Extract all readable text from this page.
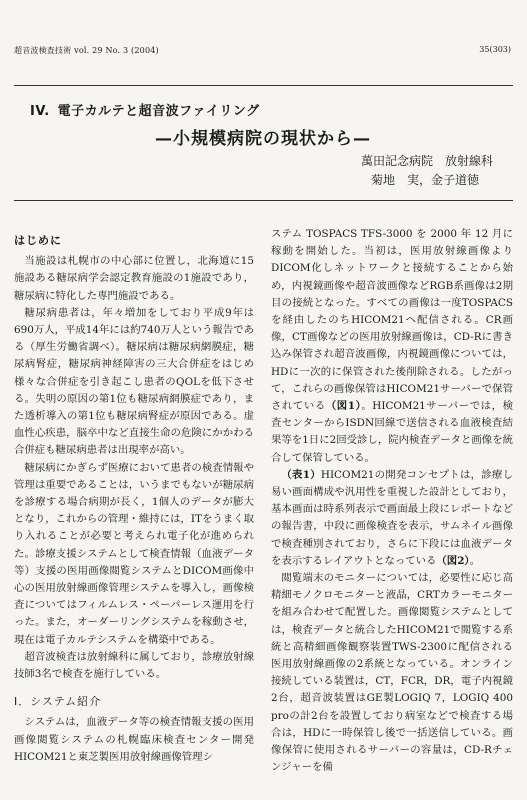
超音波検査技術 vol. 29 No. 3 (2004)	35(303)
IV. 電子カルテと超音波ファイリング
—小規模病院の現状から—
萬田記念病院　放射線科
菊地　実，金子道徳
はじめに

当施設は札幌市の中心部に位置し，北海道に15施設ある糖尿病学会認定教育施設の1施設であり，糖尿病に特化した専門施設である。

糖尿病患者は，年々増加をしており平成9年は690万人，平成14年には約740万人という報告である（厚生労働省調べ）。糖尿病は糖尿病網膜症，糖尿病腎症，糖尿病神経障害の三大合併症をはじめ様々な合併症を引き起こし患者のQOLを低下させる。失明の原因の第1位も糖尿病網膜症であり，また透析導入の第1位も糖尿病腎症が原因である。虚血性心疾患，脳卒中など直接生命の危険にかかわる合併症も糖尿病患者は出現率が高い。

糖尿病にかぎらず医療において患者の検査情報や管理は重要であることは，いうまでもないが糖尿病を診療する場合病期が長く，1個人のデータが膨大となり，これからの管理・維持には，ITをうまく取り入れることが必要と考えられ電子化が進められた。診療支援システムとして検査情報（血液データ等）支援の医用画像閲覧システムとDICOM画像中心の医用放射線画像管理システムを導入し，画像検査についてはフィルムレス・ペーパーレス運用を行った。また，オーダーリングシステムを稼動させ，現在は電子カルテシステムを構築中である。

超音波検査は放射線科に属しており，診療放射線技師3名で検査を施行している。

I．システム紹介

システムは，血液データ等の検査情報支援の医用画像閲覧システムの札幌臨床検査センター開発　HICOM21と東芝製医用放射線画像管理シ

ステム TOSPACS TFS-3000 を 2000 年 12 月に稼動を開始した。当初は，医用放射線画像よりDICOM化しネットワークと接続することから始め，内視鏡画像や超音波画像などRGB系画像は2期目の接続となった。すべての画像は一度TOSPACSを経由したのちHICOM21へ配信される。CR画像，CT画像などの医用放射線画像は，CD-Rに書き込み保管され超音波画像，内視鏡画像については，HDに一次的に保管された後削除される。したがって，これらの画像保管はHICOM21サーバーで保管されている（図1）。HICOM21サーバーでは，検査センターからISDN回線で送信される血液検査結果等を1日に2回受診し，院内検査データと画像を統合して保管している。

（表1）HICOM21の開発コンセプトは，診療し易い画面構成や汎用性を重視した設計としており，基本画面は時系列表示で画面最上段にレポートなどの報告書，中段に画像検査を表示，サムネイル画像で検査種別されており，さらに下段には血液データを表示するレイアウトとなっている（図2）。

閲覧端末のモニターについては，必要性に応じ高精細モノクロモニターと液晶，CRTカラーモニターを組み合わせて配置した。画像閲覧システムとしては，検査データと統合したHICOM21で閲覧する系統と高精細画像観察装置TWS-2300に配信される医用放射線画像の2系統となっている。オンライン接続している装置は，CT，FCR，DR，電子内視鏡2台，超音波装置はGE製LOGIQ 7，LOGIQ 400 proの計2台を設置しており病室などで検査する場合は，HDに一時保管し後で一括送信している。画像保管に使用されるサーバーの容量は，CD-Rチェンジャーを備
